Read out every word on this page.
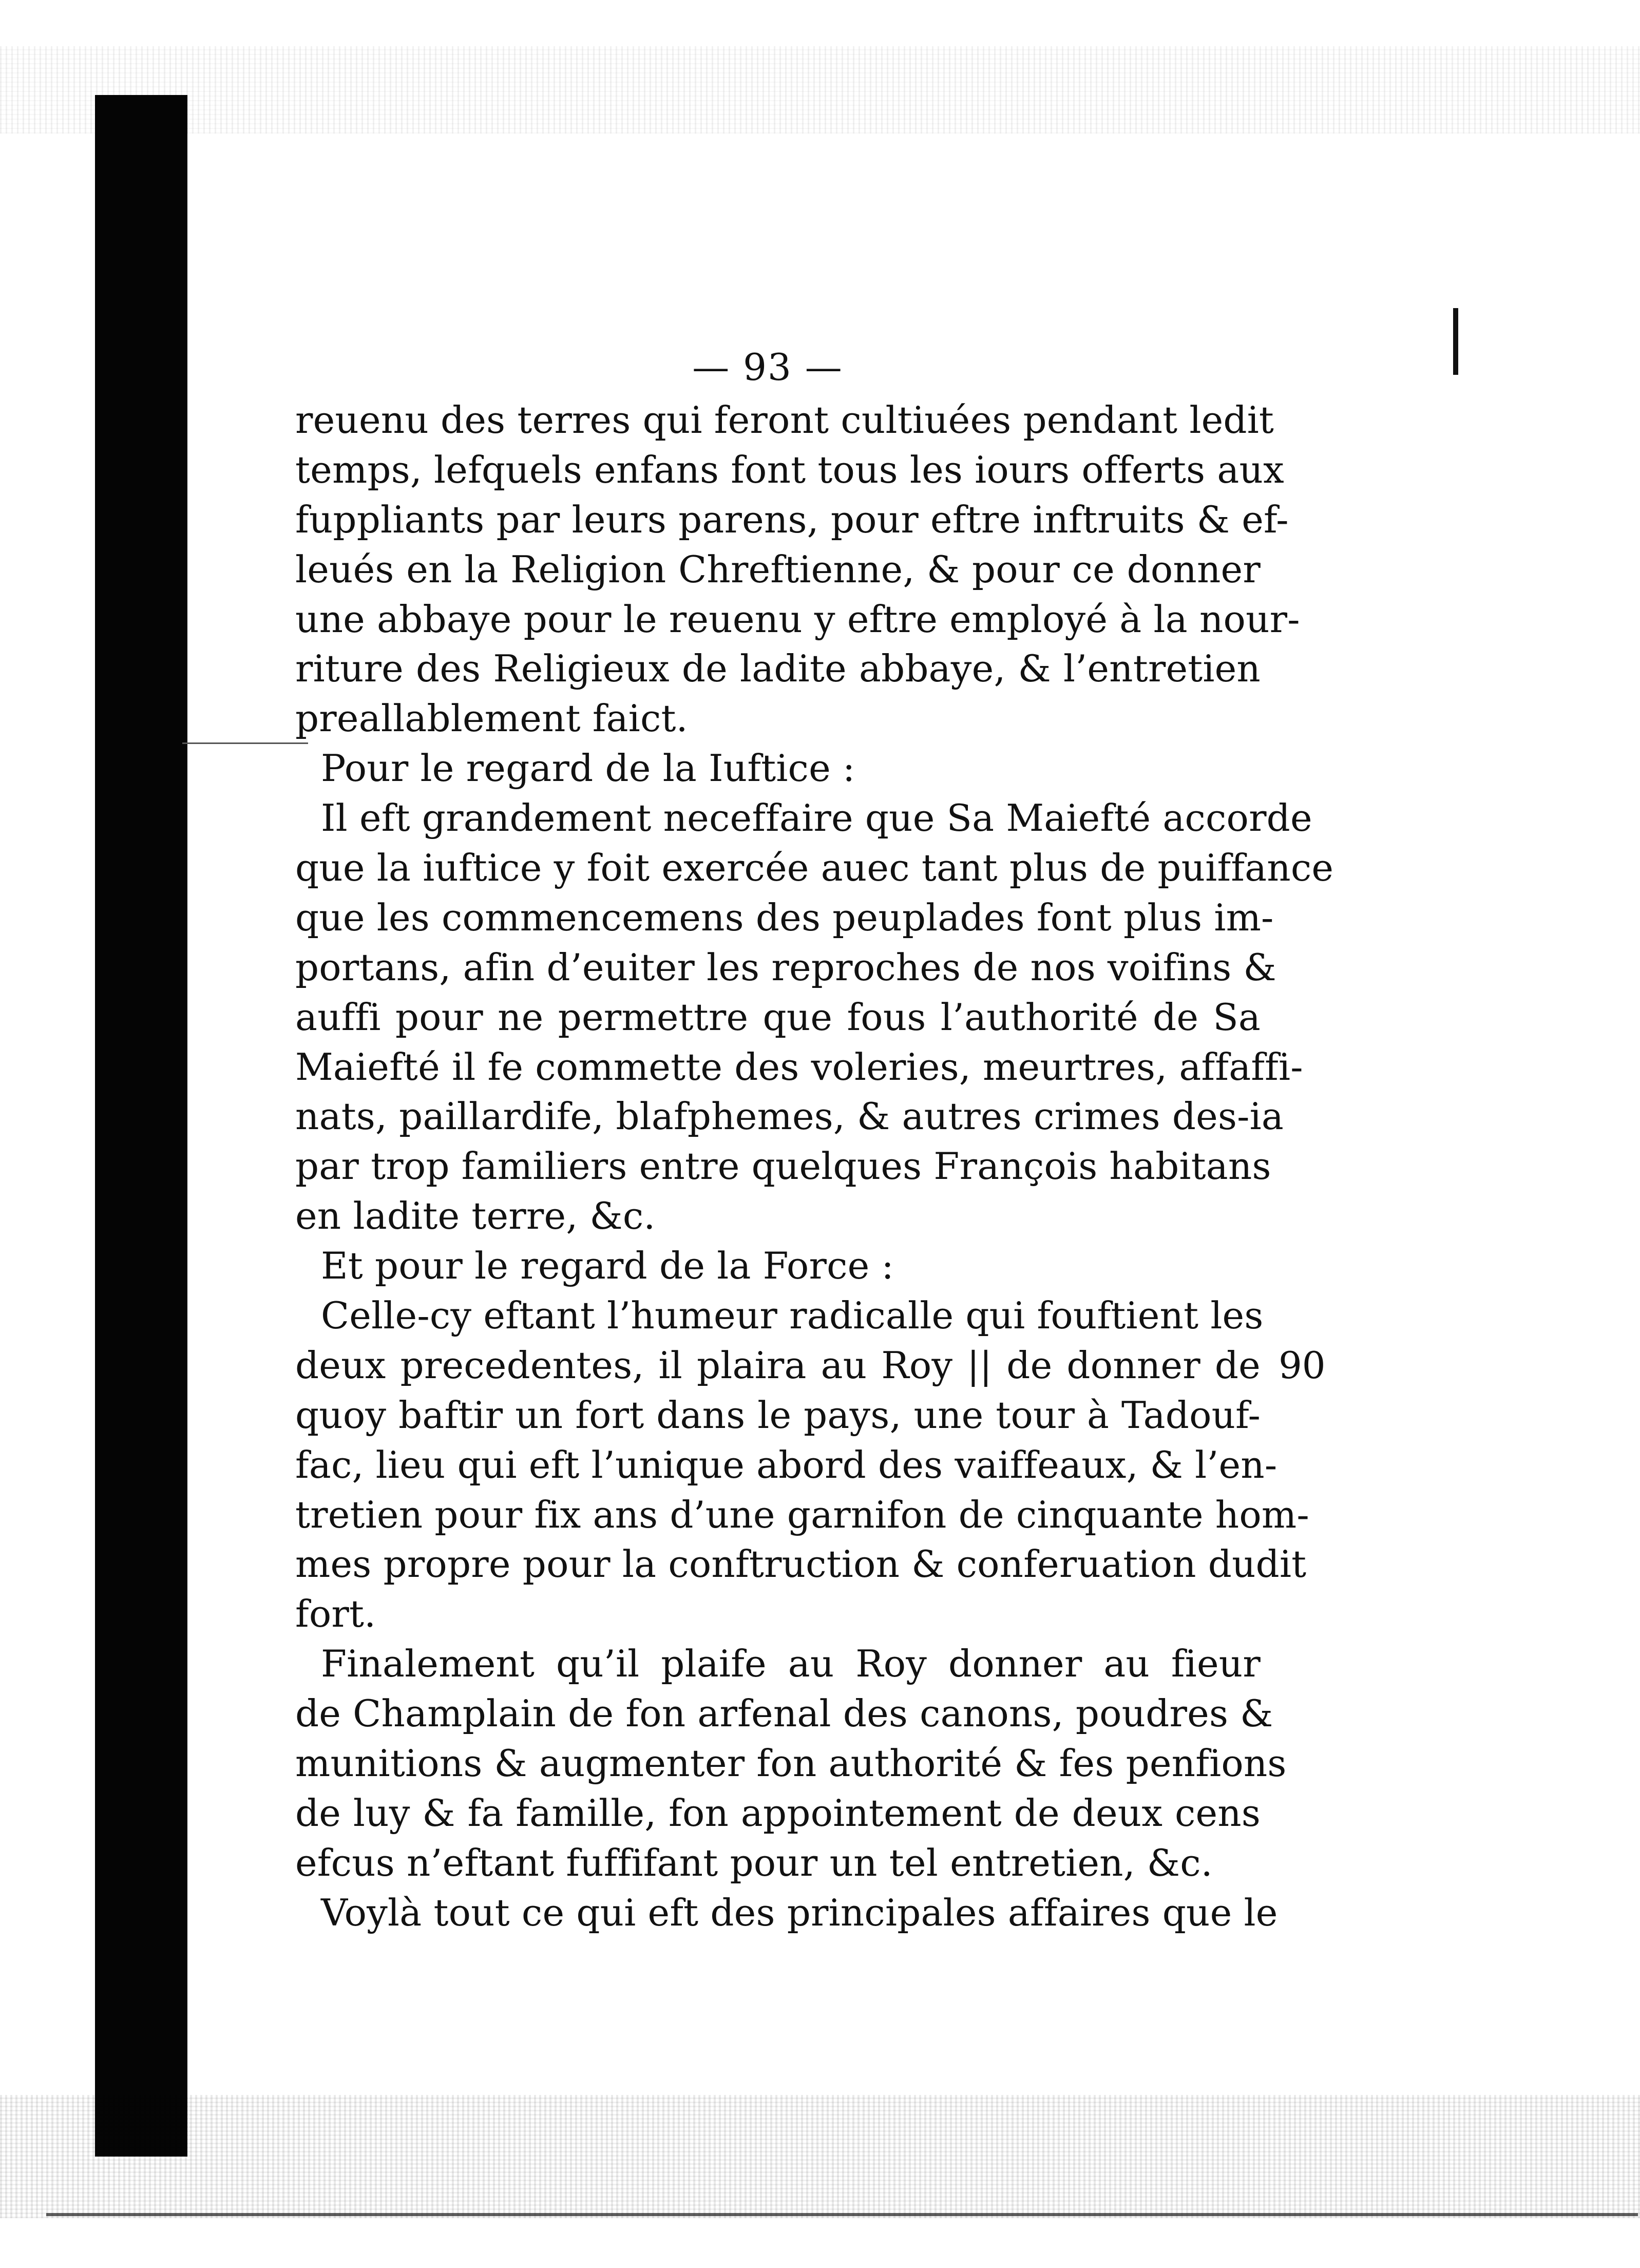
— 93 —
reuenu des terres qui feront cultiuées pendant ledit
temps, lefquels enfans font tous les iours offerts aux
fuppliants par leurs parens, pour eftre inftruits & ef-
leués en la Religion Chreftienne, & pour ce donner
une abbaye pour le reuenu y eftre employé à la nour-
riture des Religieux de ladite abbaye, & l’entretien
preallablement faict.
Pour le regard de la Iuftice :
Il eft grandement neceffaire que Sa Maiefté accorde
que la iuftice y foit exercée auec tant plus de puiffance
que les commencemens des peuplades font plus im-
portans, afin d’euiter les reproches de nos voifins &
auffi pour ne permettre que fous l’authorité de Sa
Maiefté il fe commette des voleries, meurtres, affaffi-
nats, paillardife, blafphemes, & autres crimes des-ia
par trop familiers entre quelques François habitans
en ladite terre, &c.
Et pour le regard de la Force :
Celle-cy eftant l’humeur radicalle qui fouftient les
deux precedentes, il plaira au Roy || de donner de
quoy baftir un fort dans le pays, une tour à Tadouf-
fac, lieu qui eft l’unique abord des vaiffeaux, & l’en-
tretien pour fix ans d’une garnifon de cinquante hom-
mes propre pour la conftruction & conferuation dudit
fort.
Finalement qu’il plaife au Roy donner au fieur
de Champlain de fon arfenal des canons, poudres &
munitions & augmenter fon authorité & fes penfions
de luy & fa famille, fon appointement de deux cens
efcus n’eftant fuffifant pour un tel entretien, &c.
Voylà tout ce qui eft des principales affaires que le
90
